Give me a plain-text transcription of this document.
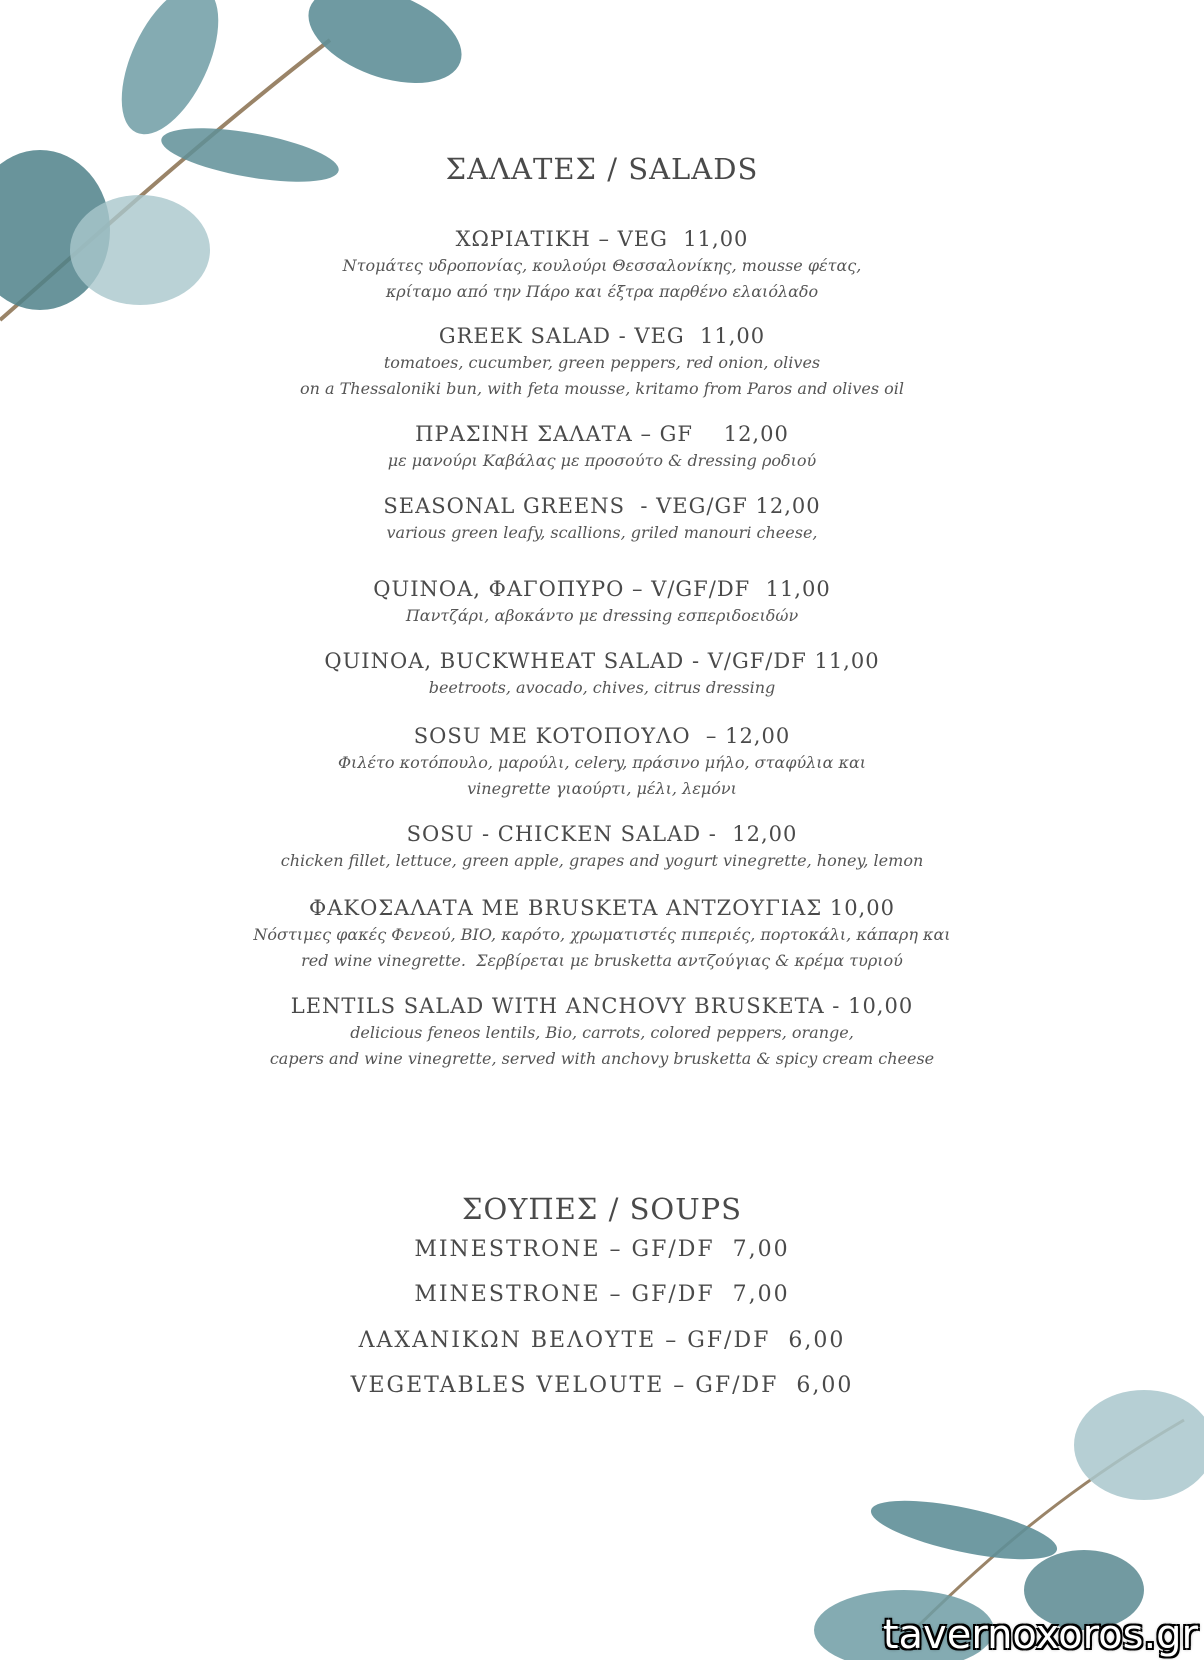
ΣΑΛΑΤΕΣ / SALADS
ΧΩΡΙΑΤΙΚΗ – VEG  11,00
Ντομάτες υδροπονίας, κουλούρι Θεσσαλονίκης, mousse φέτας,
κρίταμο από την Πάρο και έξτρα παρθένο ελαιόλαδο
GREEK SALAD - VEG  11,00
tomatoes, cucumber, green peppers, red onion, olives
on a Thessaloniki bun, with feta mousse, kritamo from Paros and olives oil
ΠΡΑΣΙΝΗ ΣΑΛΑΤΑ – GF    12,00
με μανούρι Καβάλας με προσούτο & dressing ροδιού
SEASONAL GREENS  - VEG/GF 12,00
various green leafy, scallions, griled manouri cheese,
QUINOA, ΦΑΓΟΠΥΡΟ – V/GF/DF  11,00
Παντζάρι, αβοκάντο με dressing εσπεριδοειδών
QUINOA, BUCKWHEAT SALAD - V/GF/DF 11,00
beetroots, avocado, chives, citrus dressing
SOSU ΜΕ ΚΟΤΟΠΟΥΛΟ  – 12,00
Φιλέτο κοτόπουλο, μαρούλι, celery, πράσινο μήλο, σταφύλια και
vinegrette γιαούρτι, μέλι, λεμόνι
SOSU - CHICKEN SALAD -  12,00
chicken fillet, lettuce, green apple, grapes and yogurt vinegrette, honey, lemon
ΦΑΚΟΣΑΛΑΤΑ ΜΕ BRUSKETA ΑΝΤΖΟΥΓΙΑΣ 10,00
Νόστιμες φακές Φενεού, BIO, καρότο, χρωματιστές πιπεριές, πορτοκάλι, κάπαρη και
red wine vinegrette.  Σερβίρεται με brusketta αντζούγιας & κρέμα τυριού
LENTILS SALAD WITH ANCHOVY BRUSKETA - 10,00
delicious feneos lentils, Bio, carrots, colored peppers, orange,
capers and wine vinegrette, served with anchovy brusketta & spicy cream cheese
ΣΟΥΠΕΣ / SOUPS
MINESTRONE – GF/DF  7,00
MINESTRONE – GF/DF  7,00
ΛΑΧΑΝΙΚΩΝ ΒΕΛΟΥΤΕ – GF/DF  6,00
VEGETABLES VELOUTE – GF/DF  6,00
tavernoxoros.gr
